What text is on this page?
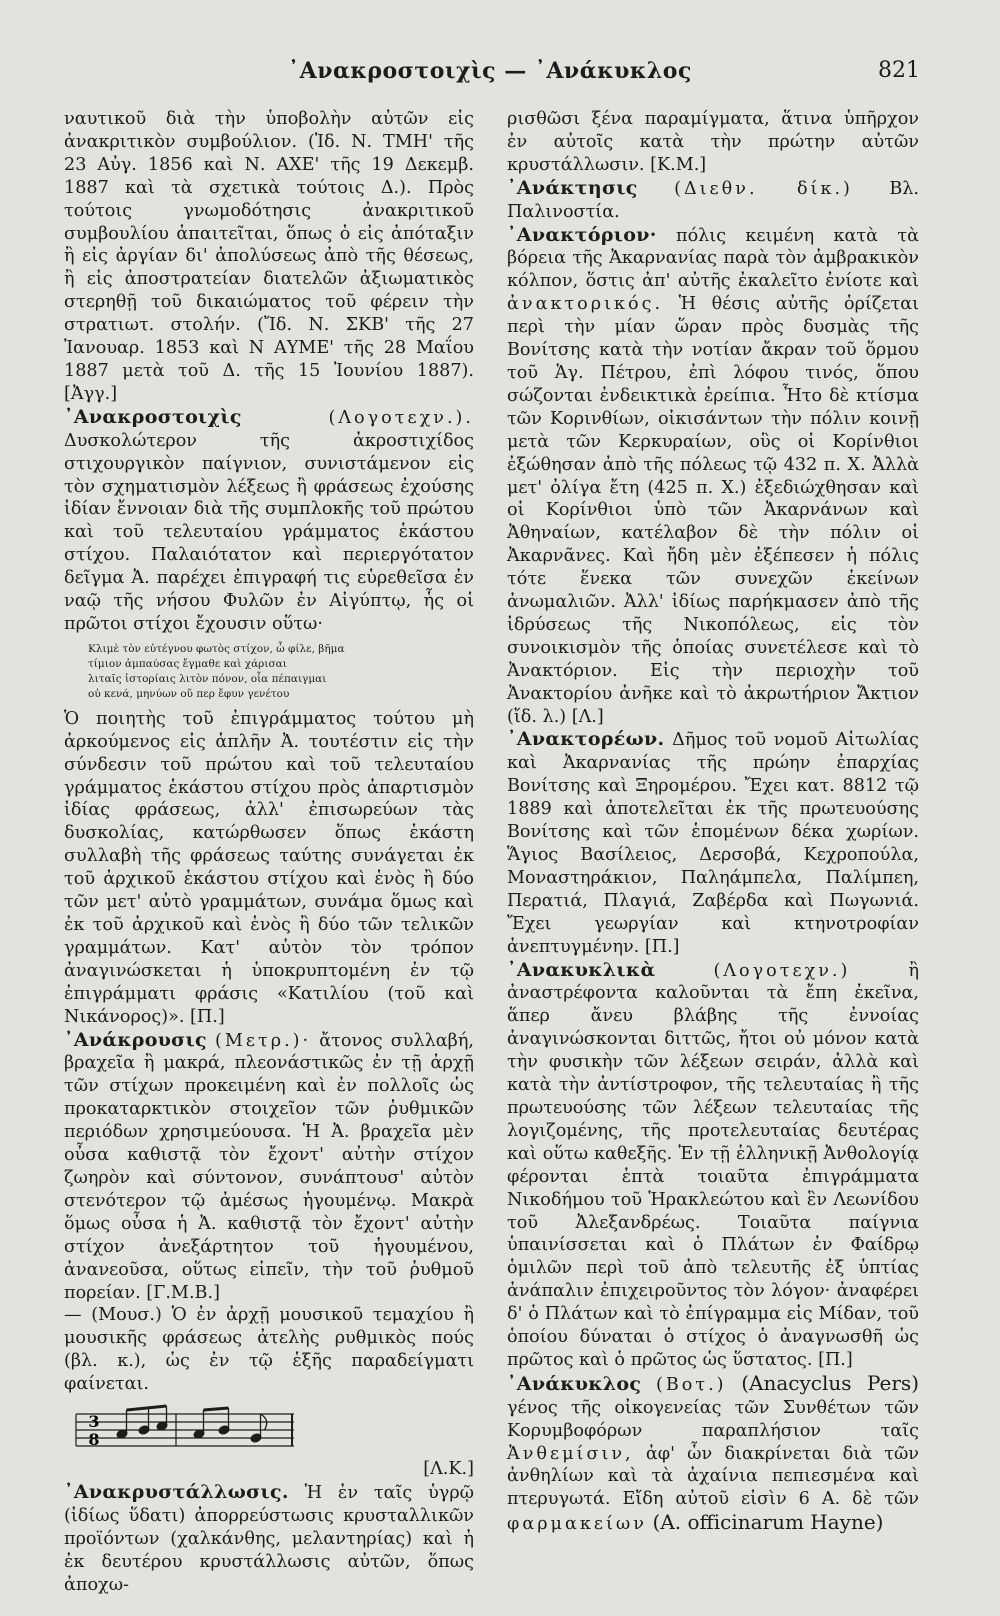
᾿Ανακροστοιχὶς — ᾿Ανάκυκλος	821

ναυτικοῦ διὰ τὴν ὑποβολὴν αὐτῶν εἰς ἀνακριτικὸν συμβούλιον. (Ἰδ. Ν. ΤΜΗ' τῆς 23 Αὐγ. 1856 καὶ Ν. ΑΧΕ' τῆς 19 Δεκεμβ. 1887 καὶ τὰ σχετικὰ τούτοις Δ.). Πρὸς τούτοις γνωμοδότησις ἀνακριτικοῦ συμβουλίου ἀπαιτεῖται, ὅπως ὁ εἰς ἀπόταξιν ἢ εἰς ἀργίαν δι' ἀπολύσεως ἀπὸ τῆς θέσεως, ἢ εἰς ἀποστρατείαν διατελῶν ἀξιωματικὸς στερηθῇ τοῦ δικαιώματος τοῦ φέρειν τὴν στρατιωτ. στολήν. (Ἴδ. Ν. ΣΚΒ' τῆς 27 Ἰανουαρ. 1853 καὶ Ν ΑΥΜΕ' τῆς 28 Μαΐου 1887 μετὰ τοῦ Δ. τῆς 15 Ἰουνίου 1887). [Ἀγγ.]

᾿Ανακροστοιχὶς	(Λογοτεχν.). Δυσκολώτερον τῆς ἀκροστιχίδος στιχουργικὸν παίγνιον, συνιστάμενον εἰς τὸν σχηματισμὸν λέξεως ἢ φράσεως ἐχούσης ἰδίαν ἔννοιαν διὰ τῆς συμπλοκῆς τοῦ πρώτου καὶ τοῦ τελευταίου γράμματος ἑκάστου στίχου. Παλαιότατον καὶ περιεργότατον δεῖγμα Ἀ. παρέχει ἐπιγραφή τις εὑρεθεῖσα ἐν ναῷ τῆς νήσου Φυλῶν ἐν Αἰγύπτῳ, ἧς οἱ πρῶτοι στίχοι ἔχουσιν οὕτω·

Κλιμὲ τὸν εὐτέγνου φωτὸς στίχον, ὦ φίλε, βῆμα
τίμιον ἀμπαύσας ἔγμαθε καὶ χάρισαι
λιταῖς ἱστορίαις λιτὸν πόνον, οἷα πέπαιγμαι
οὐ κενά, μηνύων οὔ περ ἔφυν γενέτου

Ὁ ποιητὴς τοῦ ἐπιγράμματος τούτου μὴ ἀρκούμενος εἰς ἁπλῆν Ἀ. τουτέστιν εἰς τὴν σύνδεσιν τοῦ πρώτου καὶ τοῦ τελευταίου γράμματος ἑκάστου στίχου πρὸς ἀπαρτισμὸν ἰδίας φράσεως, ἀλλ' ἐπισωρεύων τὰς δυσκολίας, κατώρθωσεν ὅπως ἑκάστη συλλαβὴ τῆς φράσεως ταύτης συνάγεται ἐκ τοῦ ἀρχικοῦ ἑκάστου στίχου καὶ ἑνὸς ἢ δύο τῶν μετ' αὐτὸ γραμμάτων, συνάμα ὅμως καὶ ἐκ τοῦ ἀρχικοῦ καὶ ἑνὸς ἢ δύο τῶν τελικῶν γραμμάτων. Κατ' αὐτὸν τὸν τρόπον ἀναγινώσκεται ἡ ὑποκρυπτομένη ἐν τῷ ἐπιγράμματι φράσις «Κατιλίου (τοῦ καὶ Νικάνορος)». [Π.]

᾿Ανάκρουσις (Μετρ.)· ἄτονος συλλαβή, βραχεῖα ἢ μακρά, πλεονάστικῶς ἐν τῇ ἀρχῇ τῶν στίχων προκειμένη καὶ ἐν πολλοῖς ὡς προκαταρκτικὸν στοιχεῖον τῶν ῥυθμικῶν περιόδων χρησιμεύουσα. Ἡ Ἀ. βραχεῖα μὲν οὖσα καθιστᾷ τὸν ἔχοντ' αὐτὴν στίχον ζωηρὸν καὶ σύντονον, συνάπτουσ' αὐτὸν στενότερον τῷ ἀμέσως ἡγουμένῳ. Μακρὰ ὅμως οὖσα ἡ Ἀ. καθιστᾷ τὸν ἔχοντ' αὐτὴν στίχον ἀνεξάρτητον τοῦ ἡγουμένου, ἀνανεοῦσα, οὕτως εἰπεῖν, τὴν τοῦ ῥυθμοῦ πορείαν. [Γ.Μ.Β.]

— (Μουσ.) Ὁ ἐν ἀρχῇ μουσικοῦ τεμαχίου ἢ μουσικῆς φράσεως ἀτελὴς ρυθμικὸς πούς (βλ. κ.), ὡς ἐν τῷ ἑξῆς παραδείγματι φαίνεται.

3
8
[Λ.Κ.]

᾿Ανακρυστάλλωσις. Ἡ ἐν ταῖς ὑγρῷ (ἰδίως ὕδατι) ἀπορρεύστωσις κρυσταλλικῶν προϊόντων (χαλκάνθης, μελαντηρίας) καὶ ἡ ἐκ δευτέρου κρυστάλλωσις αὐτῶν, ὅπως ἀποχω-

ρισθῶσι ξένα παραμίγματα, ἅτινα ὑπῆρχον ἐν αὐτοῖς κατὰ τὴν πρώτην αὐτῶν κρυστάλλωσιν. [Κ.Μ.]

᾿Ανάκτησις (Διεθν. δίκ.) Βλ. Παλινοστία.

᾿Ανακτόριον· πόλις κειμένη κατὰ τὰ βόρεια τῆς Ἀκαρνανίας παρὰ τὸν ἀμβρακικὸν κόλπον, ὅστις ἀπ' αὐτῆς ἐκαλεῖτο ἐνίοτε καὶ ἀνακτορικός. Ἡ θέσις αὐτῆς ὁρίζεται περὶ τὴν μίαν ὥραν πρὸς δυσμὰς τῆς Βονίτσης κατὰ τὴν νοτίαν ἄκραν τοῦ ὅρμου τοῦ Ἁγ. Πέτρου, ἐπὶ λόφου τινός, ὅπου σώζονται ἐνδεικτικὰ ἐρείπια. Ἦτο δὲ κτίσμα τῶν Κορινθίων, οἰκισάντων τὴν πόλιν κοινῇ μετὰ τῶν Κερκυραίων, οὓς οἱ Κορίνθιοι ἐξώθησαν ἀπὸ τῆς πόλεως τῷ 432 π. Χ. Ἀλλὰ μετ' ὀλίγα ἔτη (425 π. Χ.) ἐξεδιώχθησαν καὶ οἱ Κορίνθιοι ὑπὸ τῶν Ἀκαρνάνων καὶ Ἀθηναίων, κατέλαβον δὲ τὴν πόλιν οἱ Ἀκαρνᾶνες. Καὶ ἤδη μὲν ἐξέπεσεν ἡ πόλις τότε ἕνεκα τῶν συνεχῶν ἐκείνων ἀνωμαλιῶν. Ἀλλ' ἰδίως παρήκμασεν ἀπὸ τῆς ἱδρύσεως τῆς Νικοπόλεως, εἰς τὸν συνοικισμὸν τῆς ὁποίας συνετέλεσε καὶ τὸ Ἀνακτόριον. Εἰς τὴν περιοχὴν τοῦ Ἀνακτορίου ἀνῆκε καὶ τὸ ἀκρωτήριον Ἄκτιον (ἴδ. λ.) [Λ.]

᾿Ανακτορέων. Δῆμος τοῦ νομοῦ Αἰτωλίας καὶ Ἀκαρνανίας τῆς πρώην ἐπαρχίας Βονίτσης καὶ Ξηρομέρου. Ἔχει κατ. 8812 τῷ 1889 καὶ ἀποτελεῖται ἐκ τῆς πρωτευούσης Βονίτσης καὶ τῶν ἑπομένων δέκα χωρίων. Ἅγιος Βασίλειος, Δερσοβά, Κεχροπούλα, Μοναστηράκιον, Παληάμπελα, Παλίμπεη, Περατιά, Πλαγιά, Ζαβέρδα καὶ Πωγωνιά. Ἔχει γεωργίαν καὶ κτηνοτροφίαν ἀνεπτυγμένην. [Π.]

᾿Ανακυκλικὰ	(Λογοτεχν.)	ἢ ἀναστρέφοντα καλοῦνται τὰ ἔπη ἐκεῖνα, ἅπερ ἄνευ βλάβης τῆς ἐννοίας ἀναγινώσκονται διττῶς, ἤτοι οὐ μόνον κατὰ τὴν φυσικὴν τῶν λέξεων σειράν, ἀλλὰ καὶ κατὰ τὴν ἀντίστροφον, τῆς τελευταίας ἢ τῆς πρωτευούσης τῶν λέξεων τελευταίας τῆς λογιζομένης, τῆς προτελευταίας δευτέρας καὶ οὕτω καθεξῆς. Ἐν τῇ ἑλληνικῇ Ἀνθολογίᾳ φέρονται ἑπτὰ τοιαῦτα ἐπιγράμματα Νικοδήμου τοῦ Ἡρακλεώτου καὶ ἓν Λεωνίδου τοῦ Ἀλεξανδρέως. Τοιαῦτα παίγνια ὑπαινίσσεται καὶ ὁ Πλάτων ἐν Φαίδρῳ ὁμιλῶν περὶ τοῦ ἀπὸ τελευτῆς ἐξ ὑπτίας ἀνάπαλιν ἐπιχειροῦντος τὸν λόγον· ἀναφέρει δ' ὁ Πλάτων καὶ τὸ ἐπίγραμμα εἰς Μίδαν, τοῦ ὁποίου δύναται ὁ στίχος ὁ ἀναγνωσθῆ ὡς πρῶτος καὶ ὁ πρῶτος ὡς ὕστατος. [Π.]

᾿Ανάκυκλος (Βοτ.) (Anacyclus Pers) γένος τῆς οἰκογενείας τῶν Συνθέτων τῶν Κορυμβοφόρων παραπλήσιον ταῖς Ἀνθεμίσιν, ἀφ' ὧν διακρίνεται διὰ τῶν ἀνθηλίων καὶ τὰ ἀχαίνια πεπιεσμένα καὶ πτερυγωτά. Εἴδη αὐτοῦ εἰσὶν 6 Α. δὲ τῶν φαρμακείων (A. officinarum Hayne)
